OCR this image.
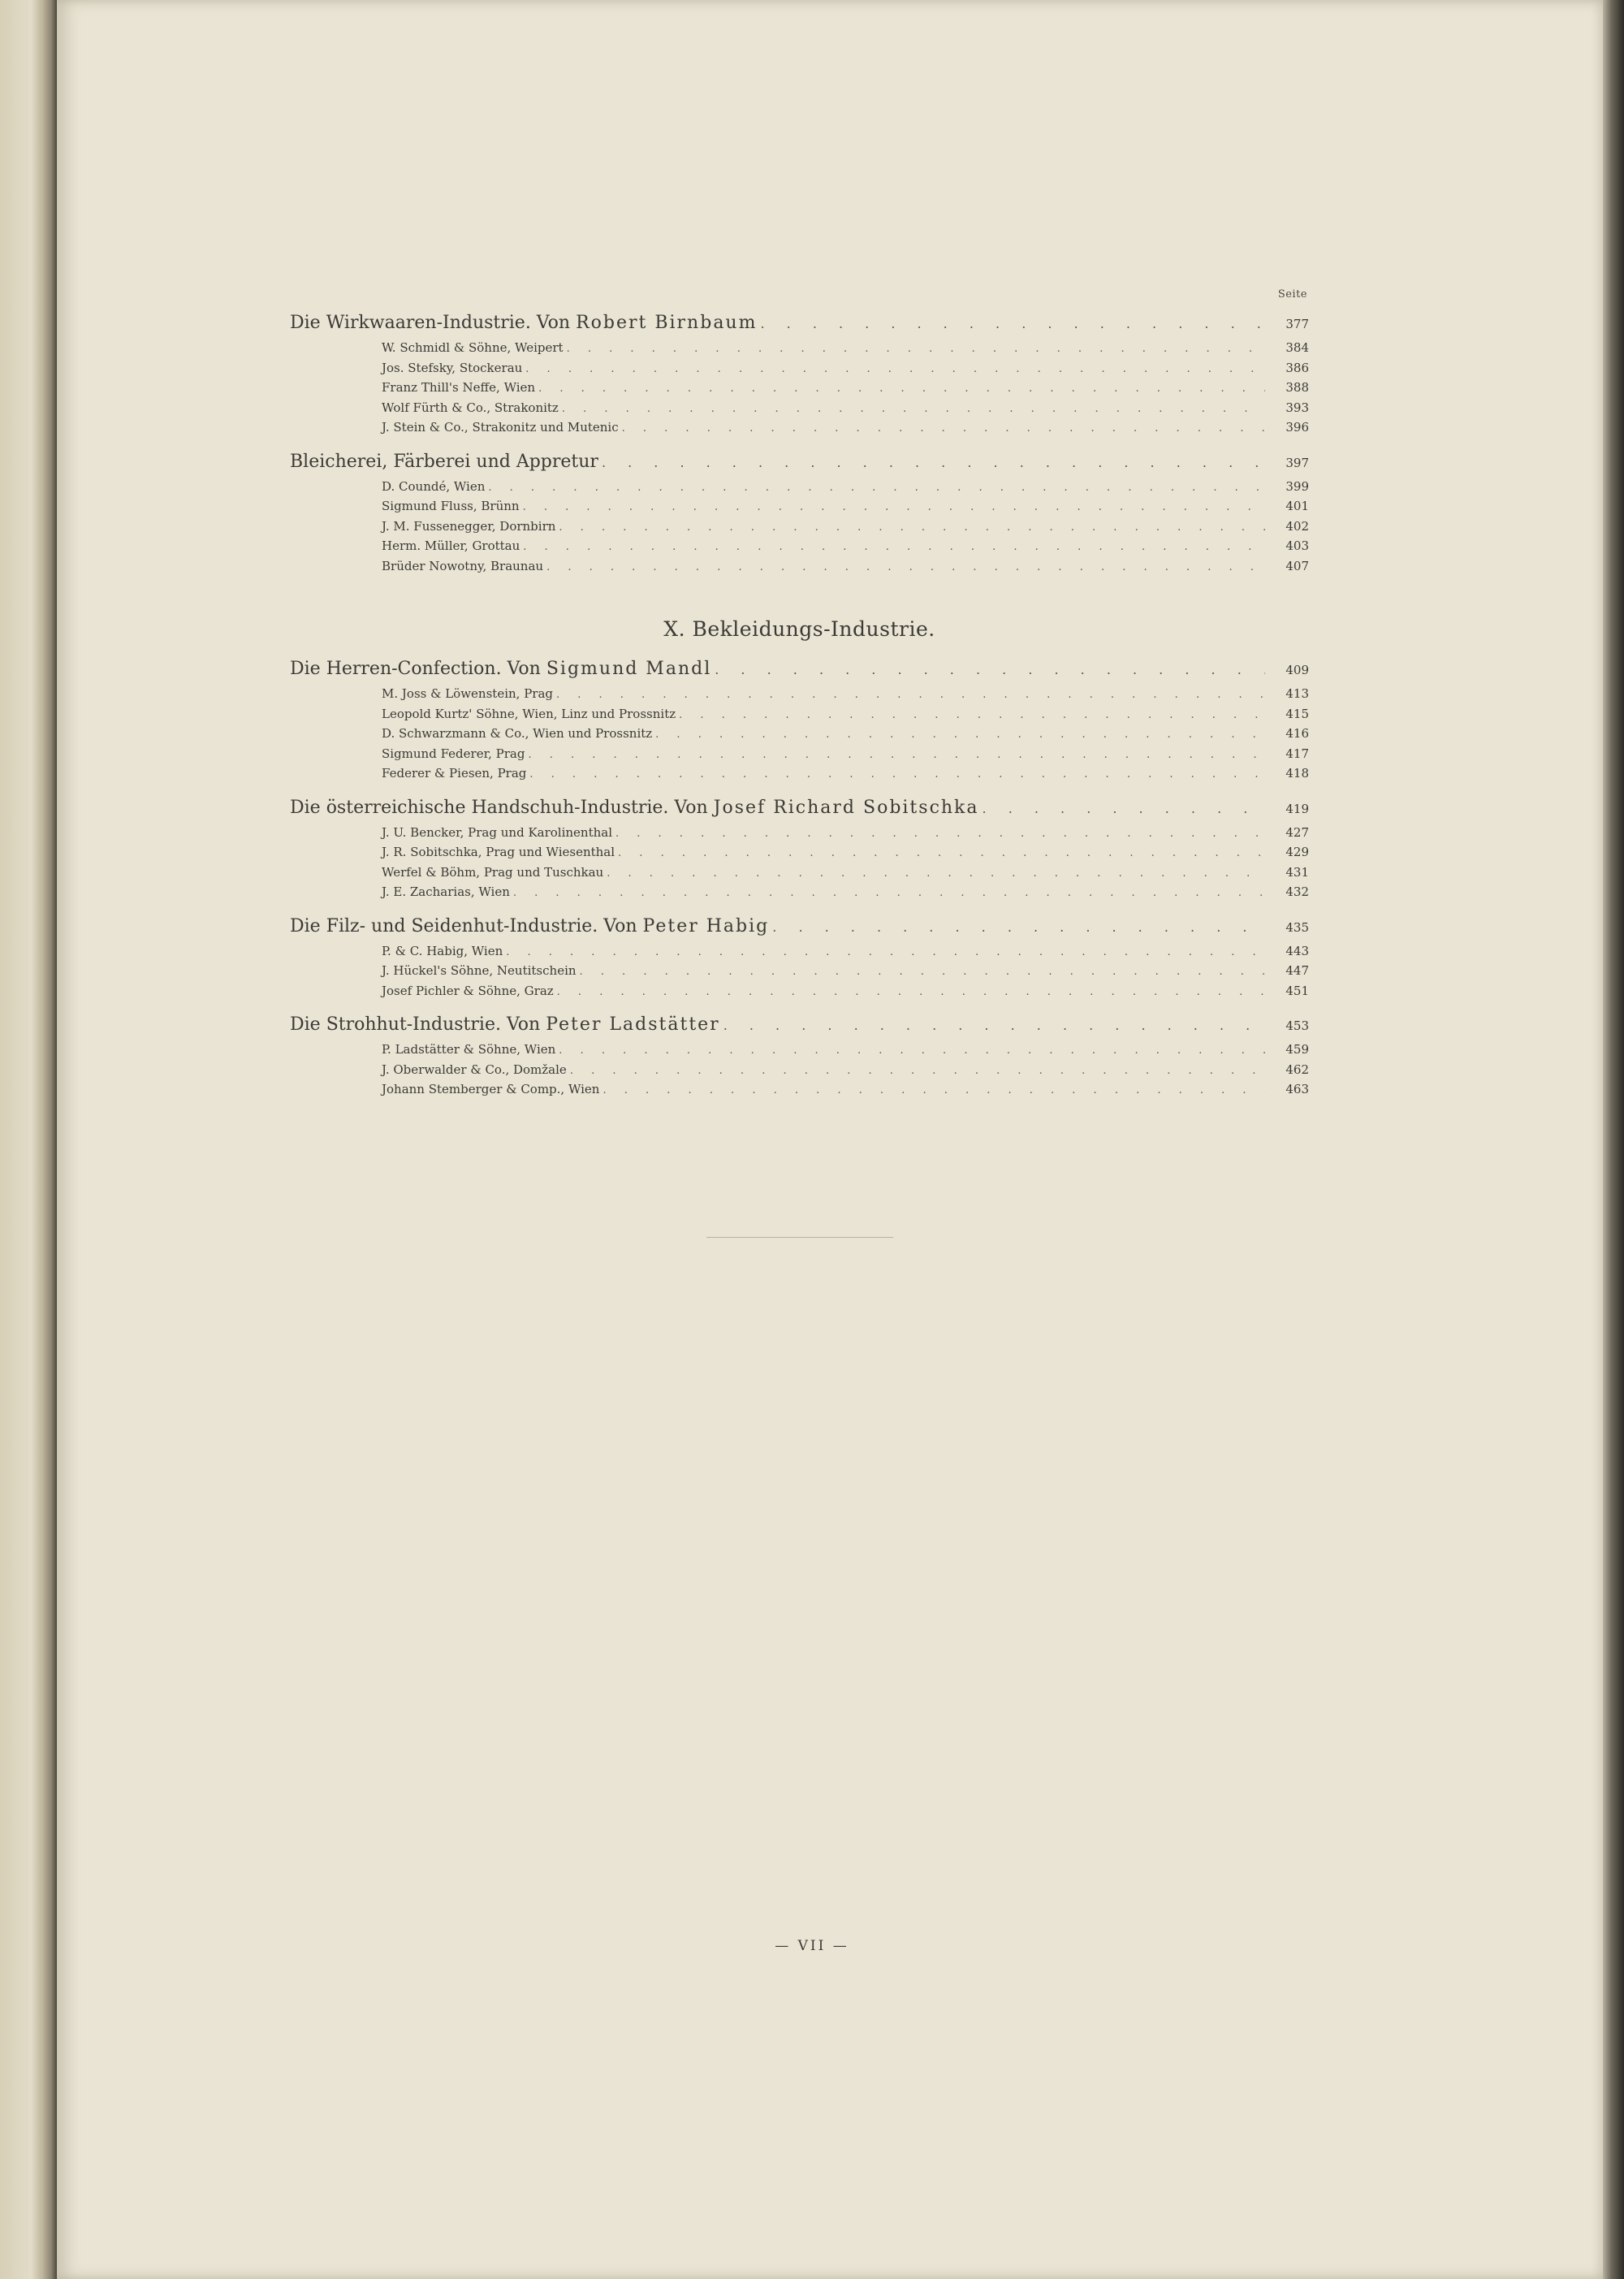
Seite
Die Wirkwaaren-Industrie. Von Robert Birnbaum . . .	377
W. Schmidl & Söhne, Weipert . . .	384
Jos. Stefsky, Stockerau . . .	386
Franz Thill's Neffe, Wien . . .	388
Wolf Fürth & Co., Strakonitz . . .	393
J. Stein & Co., Strakonitz und Mutenic . . .	396
Bleicherei, Färberei und Appretur . . .	397
D. Coundé, Wien . . .	399
Sigmund Fluss, Brünn . . .	401
J. M. Fussenegger, Dornbirn . . .	402
Herm. Müller, Grottau . . .	403
Brüder Nowotny, Braunau . . .	407
X. Bekleidungs-Industrie.
Die Herren-Confection. Von Sigmund Mandl . . .	409
M. Joss & Löwenstein, Prag . . .	413
Leopold Kurtz' Söhne, Wien, Linz und Prossnitz . . .	415
D. Schwarzmann & Co., Wien und Prossnitz . . .	416
Sigmund Federer, Prag . . .	417
Federer & Piesen, Prag . . .	418
Die österreichische Handschuh-Industrie. Von Josef Richard Sobitschka . . .	419
J. U. Bencker, Prag und Karolinenthal . . .	427
J. R. Sobitschka, Prag und Wiesenthal . . .	429
Werfel & Böhm, Prag und Tuschkau . . .	431
J. E. Zacharias, Wien . . .	432
Die Filz- und Seidenhut-Industrie. Von Peter Habig . . .	435
P. & C. Habig, Wien . . .	443
J. Hückel's Söhne, Neutitschein . . .	447
Josef Pichler & Söhne, Graz . . .	451
Die Strohhut-Industrie. Von Peter Ladstätter . . .	453
P. Ladstätter & Söhne, Wien . . .	459
J. Oberwalder & Co., Domžale . . .	462
Johann Stemberger & Comp., Wien . . .	463
— VII —
